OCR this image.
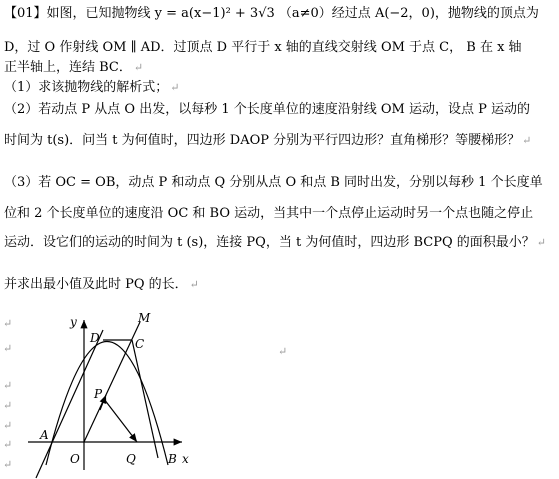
【01】如图，已知抛物线 y = a(x−1)² + 3√3 （a≠0）经过点 A(−2，0)，抛物线的顶点为
D，过 O 作射线 OM ∥ AD．过顶点 D 平行于 x 轴的直线交射线 OM 于点 C， B 在 x 轴
正半轴上，连结 BC． ↵
（1）求该抛物线的解析式； ↵
（2）若动点 P 从点 O 出发，以每秒 1 个长度单位的速度沿射线 OM 运动，设点 P 运动的
时间为 t(s)．问当 t 为何值时，四边形 DAOP 分别为平行四边形？直角梯形？等腰梯形？ ↵
（3）若 OC = OB，动点 P 和动点 Q 分别从点 O 和点 B 同时出发，分别以每秒 1 个长度单
位和 2 个长度单位的速度沿 OC 和 BO 运动，当其中一个点停止运动时另一个点也随之停止
运动．设它们的运动的时间为 t (s)，连接 PQ，当 t 为何值时，四边形 BCPQ 的面积最小？ ↵
并求出最小值及此时 PQ 的长． ↵
↵
↵
↵
↵
↵
↵
↵
↵
y
D
M
C
P
A
O	Q	B x
